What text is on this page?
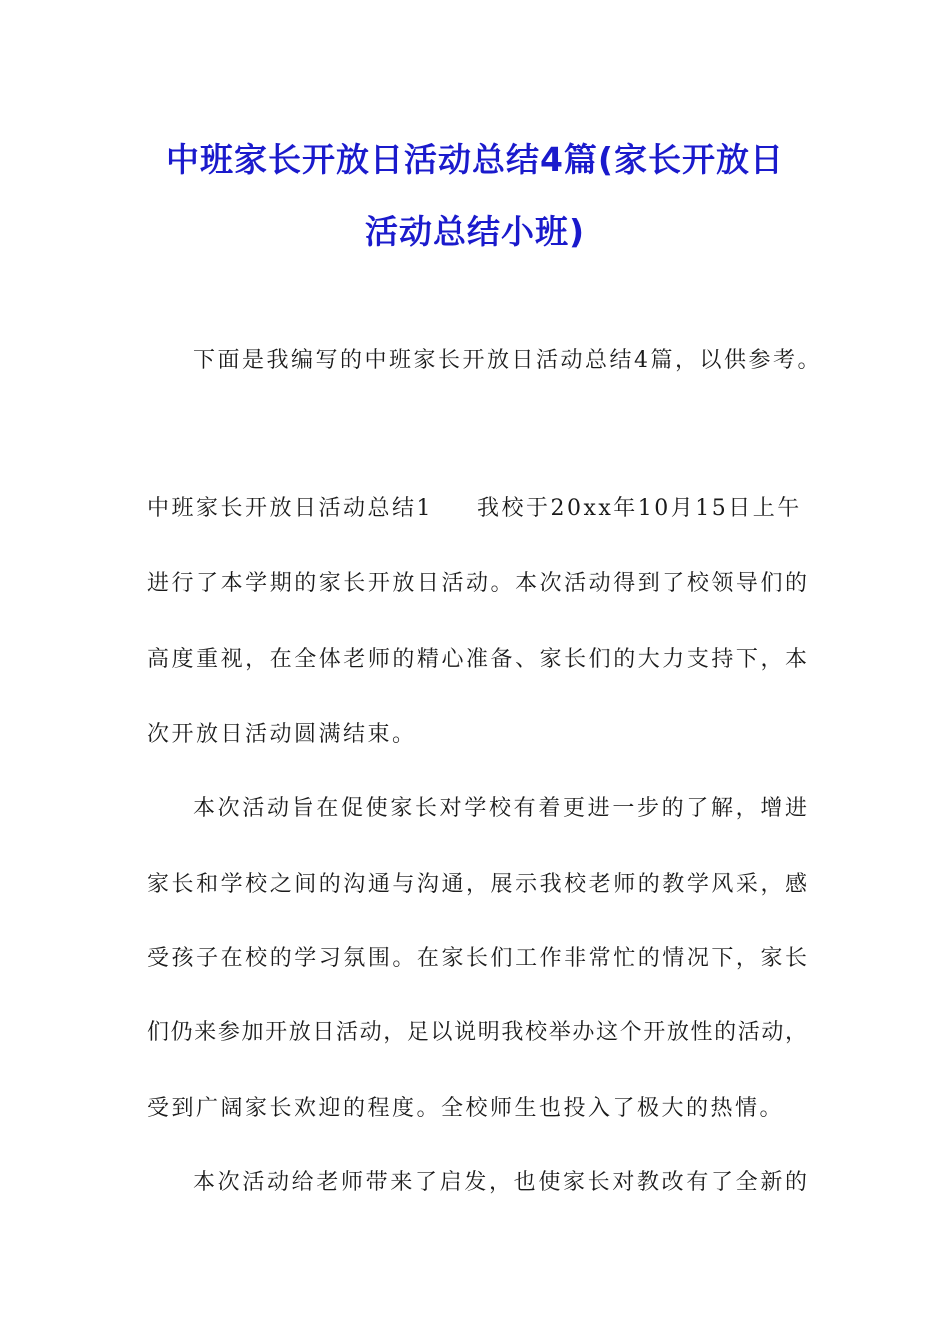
中班家长开放日活动总结4篇(家长开放日
活动总结小班)
下面是我编写的中班家长开放日活动总结4篇，以供参考。
中班家长开放日活动总结1 我校于20xx年10月15日上午
进行了本学期的家长开放日活动。本次活动得到了校领导们的
高度重视，在全体老师的精心准备、家长们的大力支持下，本
次开放日活动圆满结束。
本次活动旨在促使家长对学校有着更进一步的了解，增进
家长和学校之间的沟通与沟通，展示我校老师的教学风采，感
受孩子在校的学习氛围。在家长们工作非常忙的情况下，家长
们仍来参加开放日活动，足以说明我校举办这个开放性的活动，
受到广阔家长欢迎的程度。全校师生也投入了极大的热情。
本次活动给老师带来了启发，也使家长对教改有了全新的
